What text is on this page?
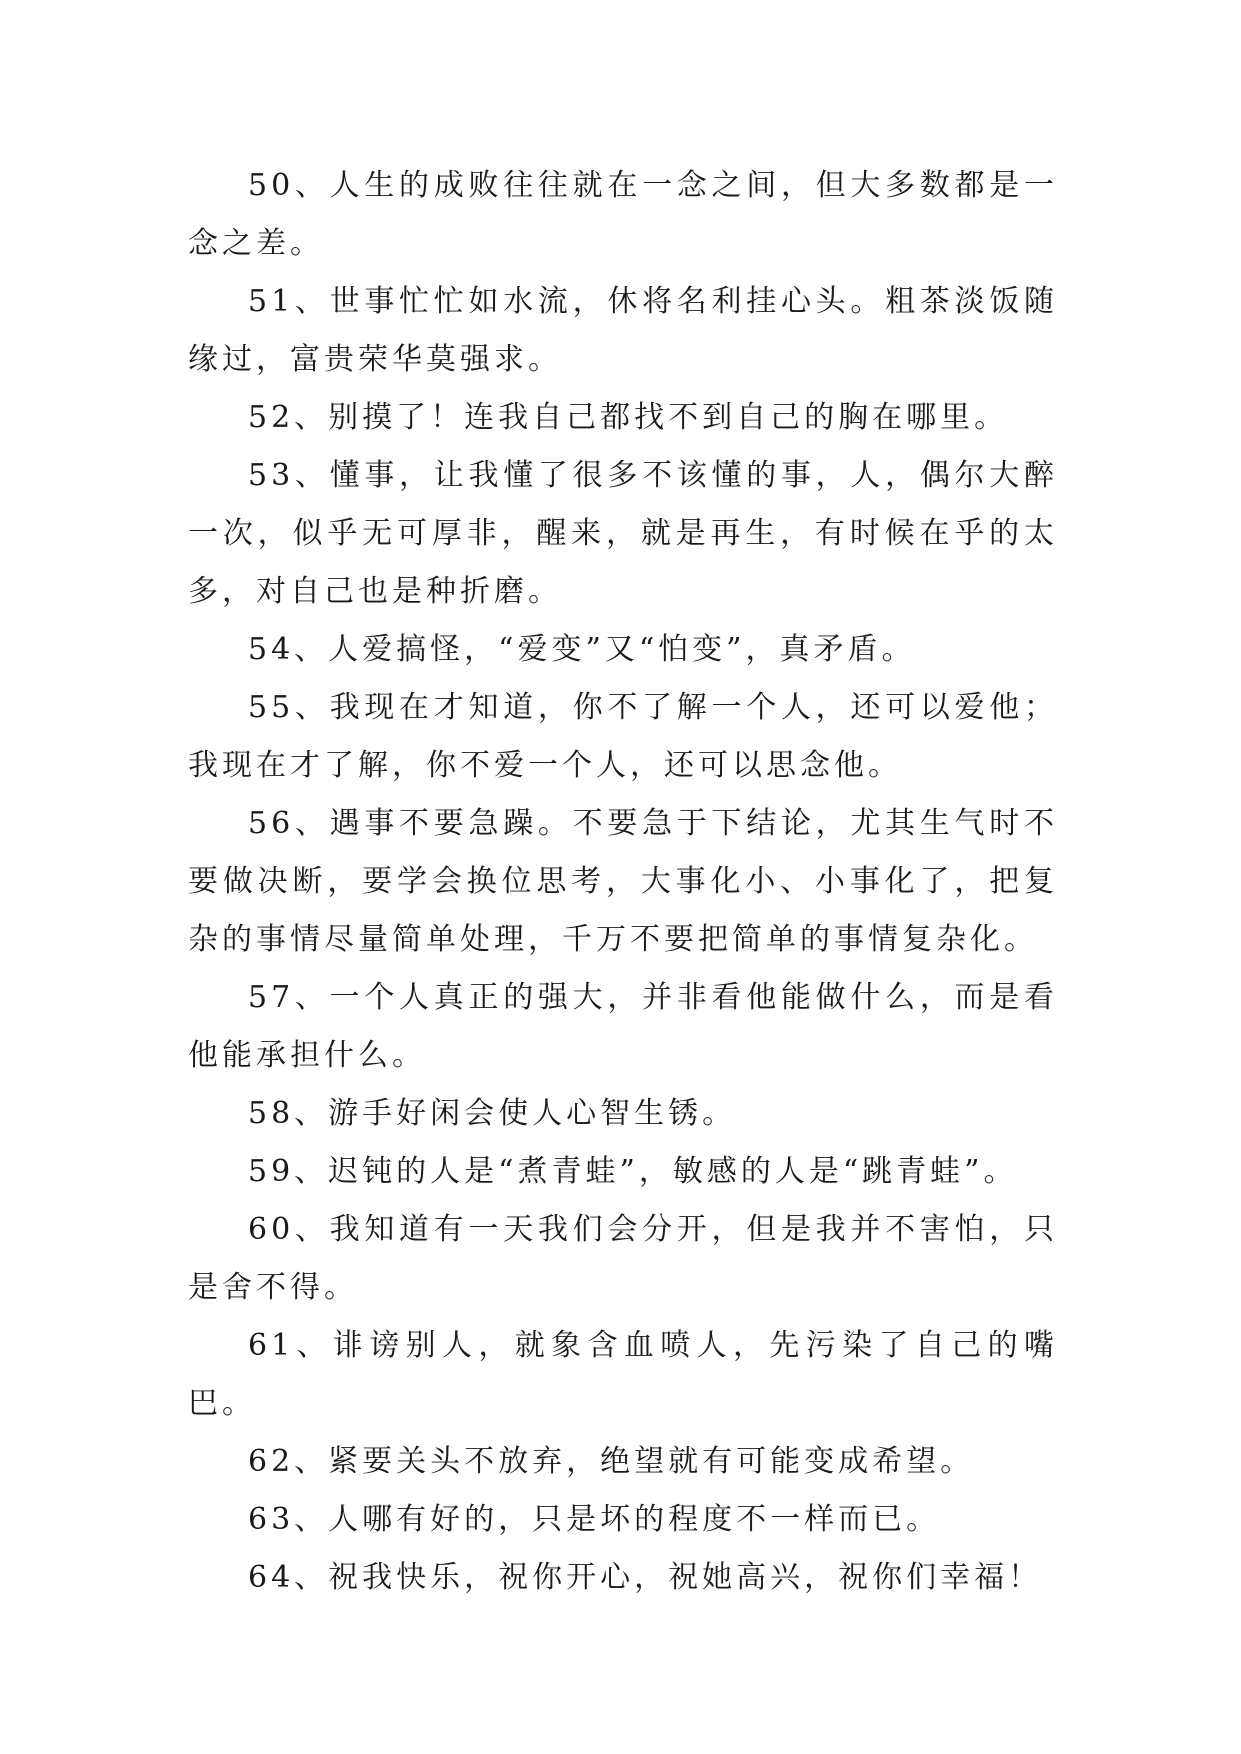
50、人生的成败往往就在一念之间，但大多数都是一念之差。

51、世事忙忙如水流，休将名利挂心头。粗茶淡饭随缘过，富贵荣华莫强求。

52、别摸了！连我自己都找不到自己的胸在哪里。

53、懂事，让我懂了很多不该懂的事，人，偶尔大醉一次，似乎无可厚非，醒来，就是再生，有时候在乎的太多，对自己也是种折磨。

54、人爱搞怪，“爱变”又“怕变”，真矛盾。

55、我现在才知道，你不了解一个人，还可以爱他；我现在才了解，你不爱一个人，还可以思念他。

56、遇事不要急躁。不要急于下结论，尤其生气时不要做决断，要学会换位思考，大事化小、小事化了，把复杂的事情尽量简单处理，千万不要把简单的事情复杂化。

57、一个人真正的强大，并非看他能做什么，而是看他能承担什么。

58、游手好闲会使人心智生锈。

59、迟钝的人是“煮青蛙”，敏感的人是“跳青蛙”。

60、我知道有一天我们会分开，但是我并不害怕，只是舍不得。

61、诽谤别人，就象含血喷人，先污染了自己的嘴巴。

62、紧要关头不放弃，绝望就有可能变成希望。

63、人哪有好的，只是坏的程度不一样而已。

64、祝我快乐，祝你开心，祝她高兴，祝你们幸福！
